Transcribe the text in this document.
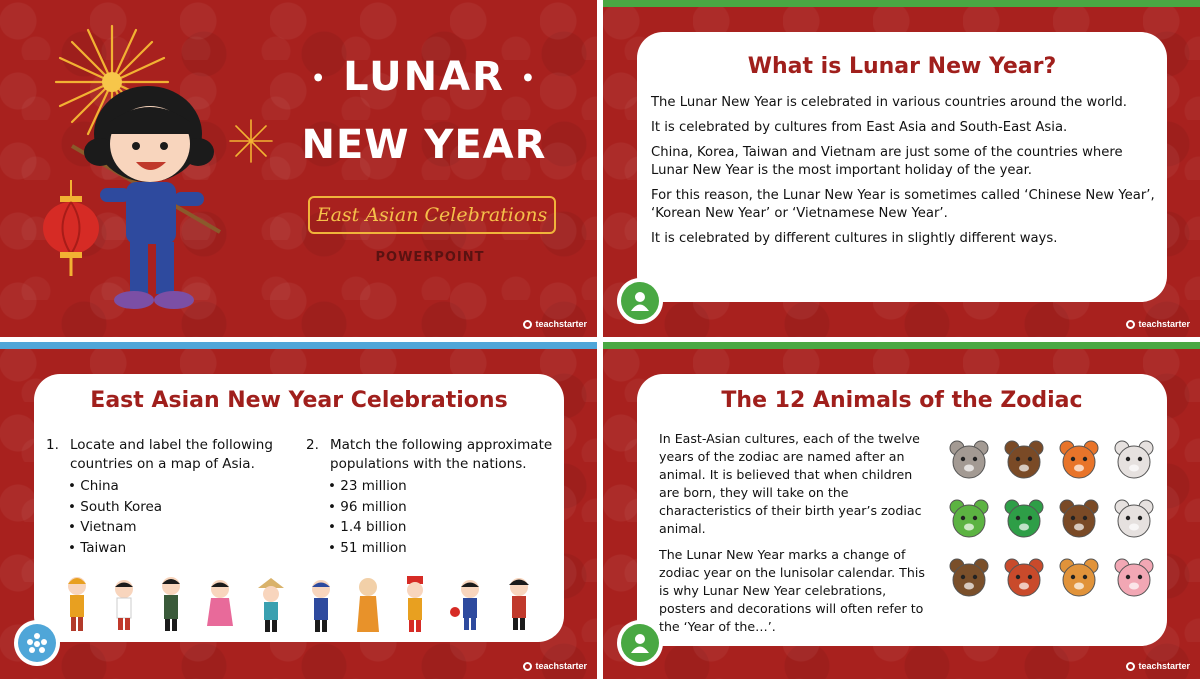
• LUNAR •
NEW YEAR
East Asian Celebrations
POWERPOINT
teachstarter
What is Lunar New Year?

The Lunar New Year is celebrated in various countries around the world.

It is celebrated by cultures from East Asia and South-East Asia.

China, Korea, Taiwan and Vietnam are just some of the countries where Lunar New Year is the most important holiday of the year.

For this reason, the Lunar New Year is sometimes called ‘Chinese New Year’, ‘Korean New Year’ or ‘Vietnamese New Year’.

It is celebrated by different cultures in slightly different ways.

teachstarter
East Asian New Year Celebrations
1. Locate and label the following countries on a map of Asia.
• China
• South Korea
• Vietnam
• Taiwan
2. Match the following approximate populations with the nations.
• 23 million
• 96 million
• 1.4 billion
• 51 million
teachstarter
The 12 Animals of the Zodiac

In East-Asian cultures, each of the twelve years of the zodiac are named after an animal. It is believed that when children are born, they will take on the characteristics of their birth year’s zodiac animal.

The Lunar New Year marks a change of zodiac year on the lunisolar calendar. This is why Lunar New Year celebrations, posters and decorations will often refer to the ‘Year of the…’.

teachstarter
